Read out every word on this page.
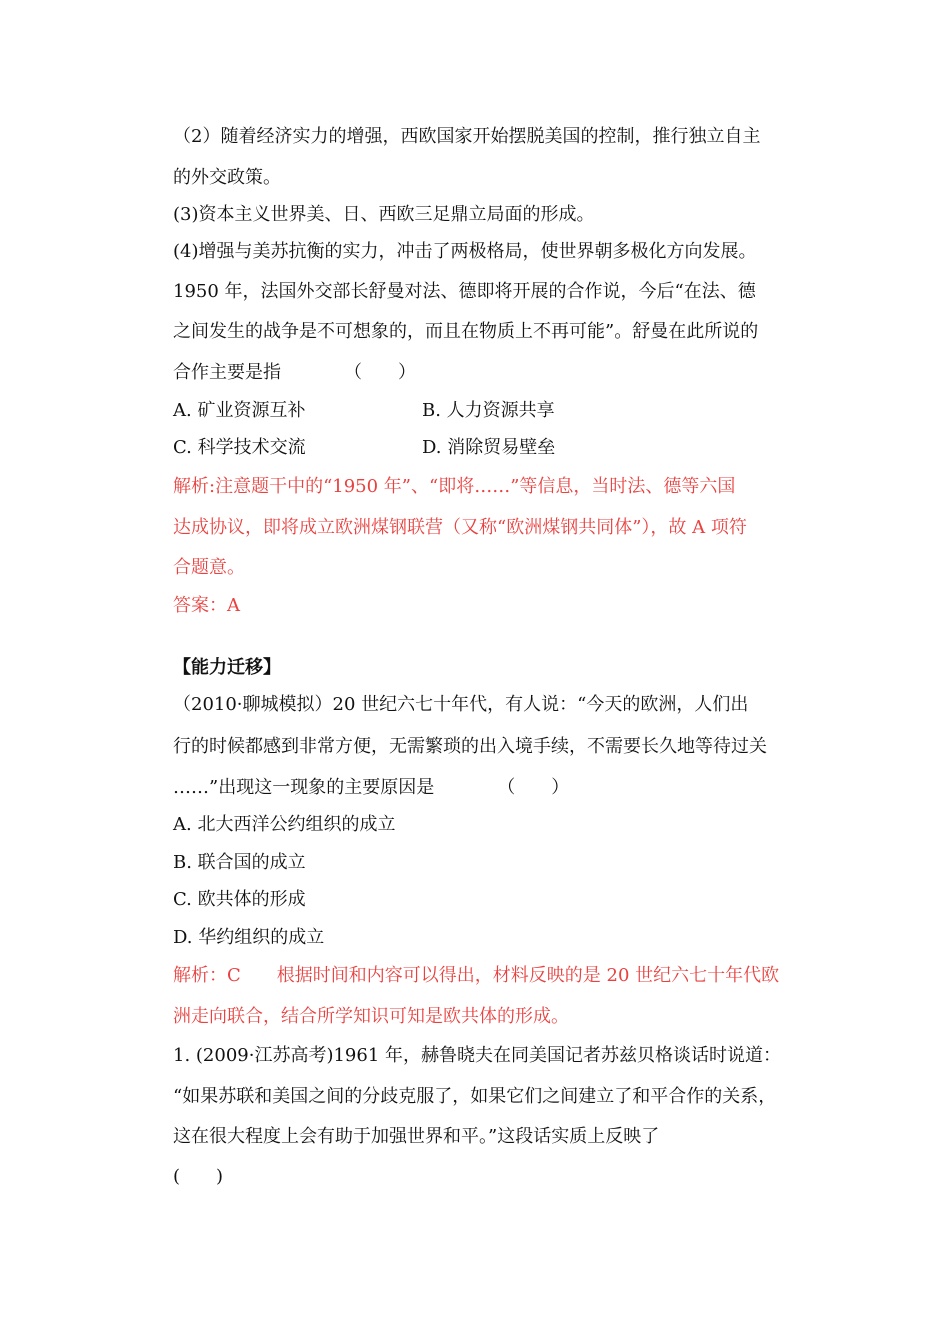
（2）随着经济实力的增强，西欧国家开始摆脱美国的控制，推行独立自主
的外交政策。
(3)资本主义世界美、日、西欧三足鼎立局面的形成。
(4)增强与美苏抗衡的实力，冲击了两极格局，使世界朝多极化方向发展。
1950 年，法国外交部长舒曼对法、德即将开展的合作说，今后“在法、德
之间发生的战争是不可想象的，而且在物质上不再可能”。舒曼在此所说的
合作主要是指　　　　（　　）
A. 矿业资源互补	B. 人力资源共享
C. 科学技术交流	D. 消除贸易壁垒
解析:注意题干中的“1950 年”、“即将……”等信息，当时法、德等六国
达成协议，即将成立欧洲煤钢联营（又称“欧洲煤钢共同体”），故 A 项符
合题意。
答案：A
【能力迁移】
（2010·聊城模拟）20 世纪六七十年代，有人说：“今天的欧洲，人们出
行的时候都感到非常方便，无需繁琐的出入境手续，不需要长久地等待过关
……”出现这一现象的主要原因是　　　　（　　）
A. 北大西洋公约组织的成立
B. 联合国的成立
C. 欧共体的形成
D. 华约组织的成立
解析：C　　根据时间和内容可以得出，材料反映的是 20 世纪六七十年代欧
洲走向联合，结合所学知识可知是欧共体的形成。
1. (2009·江苏高考)1961 年，赫鲁晓夫在同美国记者苏兹贝格谈话时说道：
“如果苏联和美国之间的分歧克服了，如果它们之间建立了和平合作的关系，
这在很大程度上会有助于加强世界和平。”这段话实质上反映了
(　　)
